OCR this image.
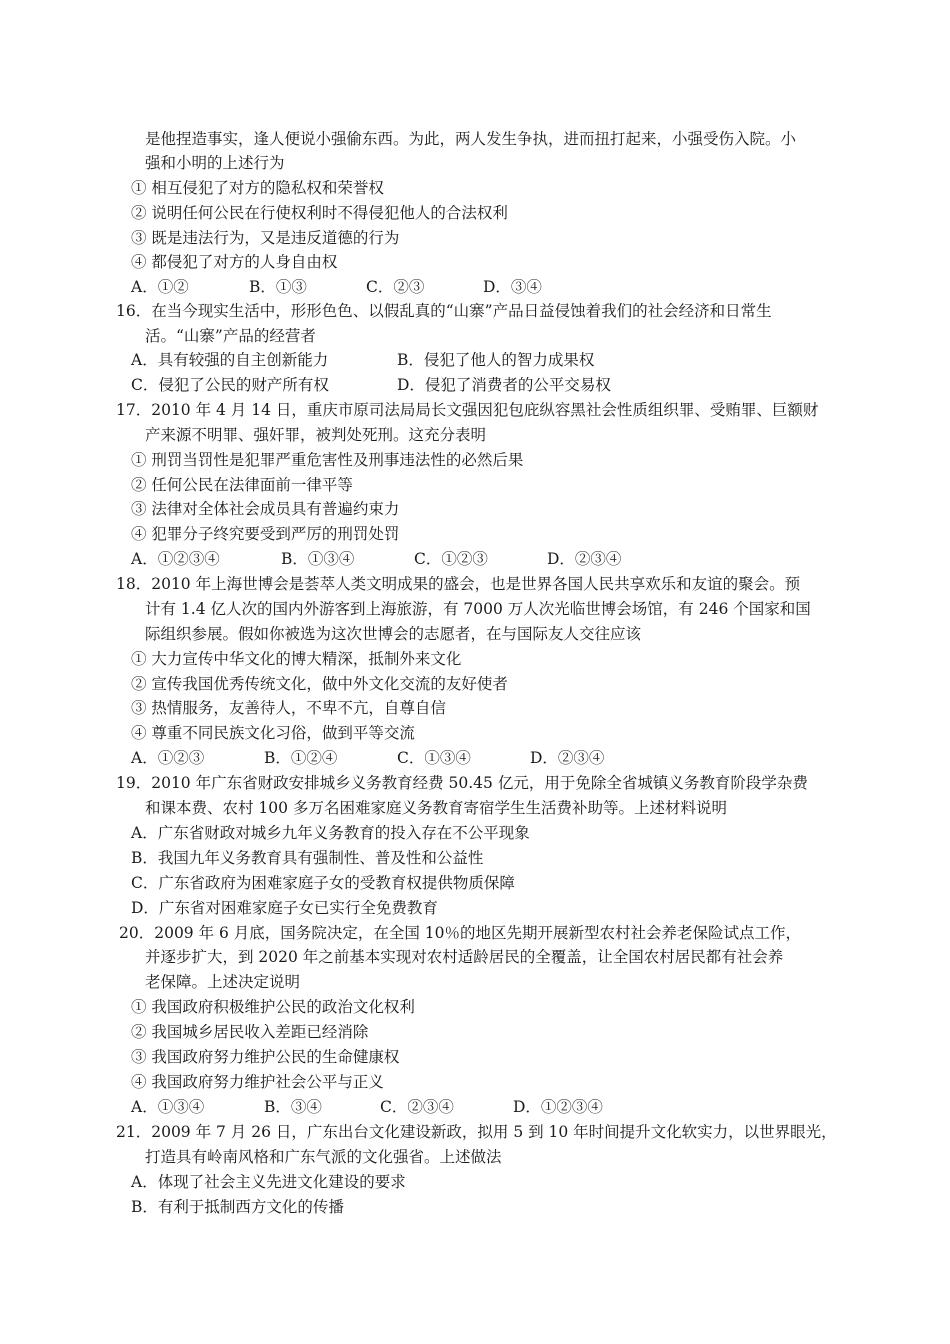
是他捏造事实，逢人便说小强偷东西。为此，两人发生争执，进而扭打起来，小强受伤入院。小
强和小明的上述行为
① 相互侵犯了对方的隐私权和荣誉权
② 说明任何公民在行使权利时不得侵犯他人的合法权利
③ 既是违法行为，又是违反道德的行为
④ 都侵犯了对方的人身自由权
A．①②	B．①③	C．②③	D．③④
16．在当今现实生活中，形形色色、以假乱真的“山寨”产品日益侵蚀着我们的社会经济和日常生
活。“山寨”产品的经营者
A．具有较强的自主创新能力	B．侵犯了他人的智力成果权
C．侵犯了公民的财产所有权	D．侵犯了消费者的公平交易权
17．2010 年 4 月 14 日，重庆市原司法局局长文强因犯包庇纵容黑社会性质组织罪、受贿罪、巨额财
产来源不明罪、强奸罪，被判处死刑。这充分表明
① 刑罚当罚性是犯罪严重危害性及刑事违法性的必然后果
② 任何公民在法律面前一律平等
③ 法律对全体社会成员具有普遍约束力
④ 犯罪分子终究要受到严厉的刑罚处罚
A．①②③④	B．①③④	C．①②③	D．②③④
18．2010 年上海世博会是荟萃人类文明成果的盛会，也是世界各国人民共享欢乐和友谊的聚会。预
计有 1.4 亿人次的国内外游客到上海旅游，有 7000 万人次光临世博会场馆，有 246 个国家和国
际组织参展。假如你被选为这次世博会的志愿者，在与国际友人交往应该
① 大力宣传中华文化的博大精深，抵制外来文化
② 宣传我国优秀传统文化，做中外文化交流的友好使者
③ 热情服务，友善待人，不卑不亢，自尊自信
④ 尊重不同民族文化习俗，做到平等交流
A．①②③	B．①②④	C．①③④	D．②③④
19．2010 年广东省财政安排城乡义务教育经费 50.45 亿元，用于免除全省城镇义务教育阶段学杂费
和课本费、农村 100 多万名困难家庭义务教育寄宿学生生活费补助等。上述材料说明
A．广东省财政对城乡九年义务教育的投入存在不公平现象
B．我国九年义务教育具有强制性、普及性和公益性
C．广东省政府为困难家庭子女的受教育权提供物质保障
D．广东省对困难家庭子女已实行全免费教育
20．2009 年 6 月底，国务院决定，在全国 10％的地区先期开展新型农村社会养老保险试点工作，
并逐步扩大，到 2020 年之前基本实现对农村适龄居民的全覆盖，让全国农村居民都有社会养
老保障。上述决定说明
① 我国政府积极维护公民的政治文化权利
② 我国城乡居民收入差距已经消除
③ 我国政府努力维护公民的生命健康权
④ 我国政府努力维护社会公平与正义
A．①③④	B．③④	C．②③④	D．①②③④
21．2009 年 7 月 26 日，广东出台文化建设新政，拟用 5 到 10 年时间提升文化软实力，以世界眼光，
打造具有岭南风格和广东气派的文化强省。上述做法
A．体现了社会主义先进文化建设的要求
B．有利于抵制西方文化的传播
